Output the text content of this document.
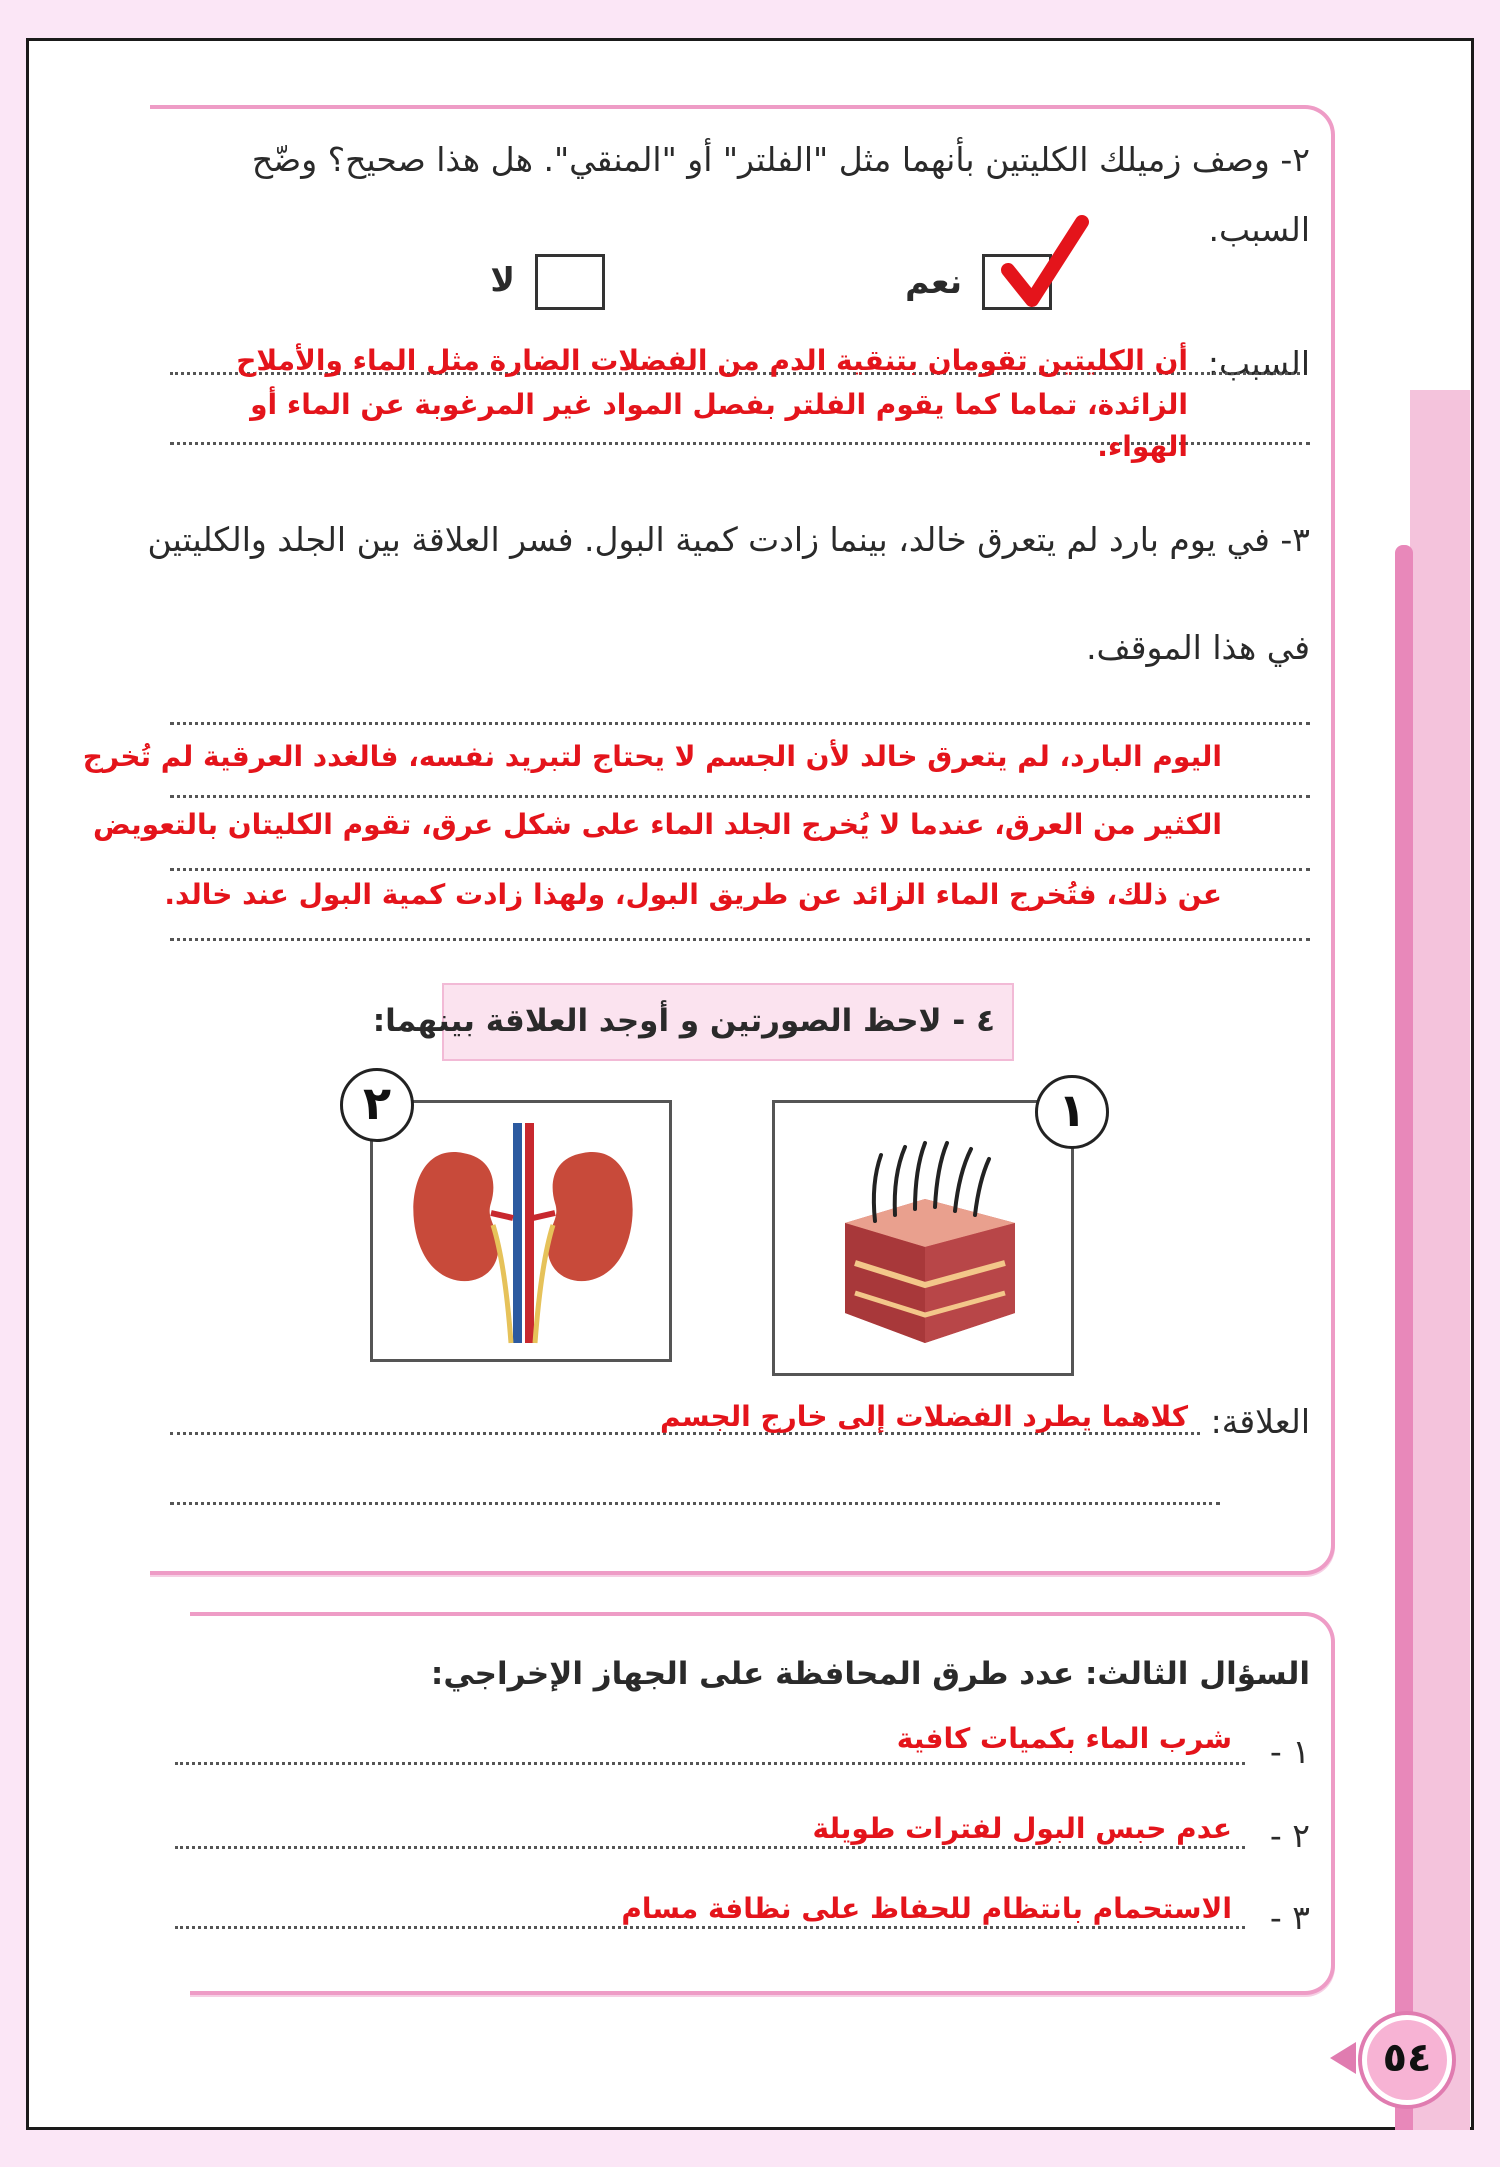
٢- وصف زميلك الكليتين بأنهما مثل "الفلتر" أو "المنقي". هل هذا صحيح؟ وضّح
السبب.
نعم
لا
السبب:
أن الكليتين تقومان بتنقية الدم من الفضلات الضارة مثل الماء والأملاح
الزائدة، تماما كما يقوم الفلتر بفصل المواد غير المرغوبة عن الماء أو
الهواء.
٣- في يوم بارد لم يتعرق خالد، بينما زادت كمية البول. فسر العلاقة بين الجلد والكليتين
في هذا الموقف.
اليوم البارد، لم يتعرق خالد لأن الجسم لا يحتاج لتبريد نفسه، فالغدد العرقية لم تُخرج
الكثير من العرق، عندما لا يُخرج الجلد الماء على شكل عرق، تقوم الكليتان بالتعويض
عن ذلك، فتُخرج الماء الزائد عن طريق البول، ولهذا زادت كمية البول عند خالد.
٤ - لاحظ الصورتين و أوجد العلاقة بينهما:
١
٢
العلاقة:
كلاهما يطرد الفضلات إلى خارج الجسم
السؤال الثالث: عدد طرق المحافظة على الجهاز الإخراجي:
١ -
شرب الماء بكميات كافية
٢ -
عدم حبس البول لفترات طويلة
٣ -
الاستحمام بانتظام للحفاظ على نظافة مسام
٥٤
